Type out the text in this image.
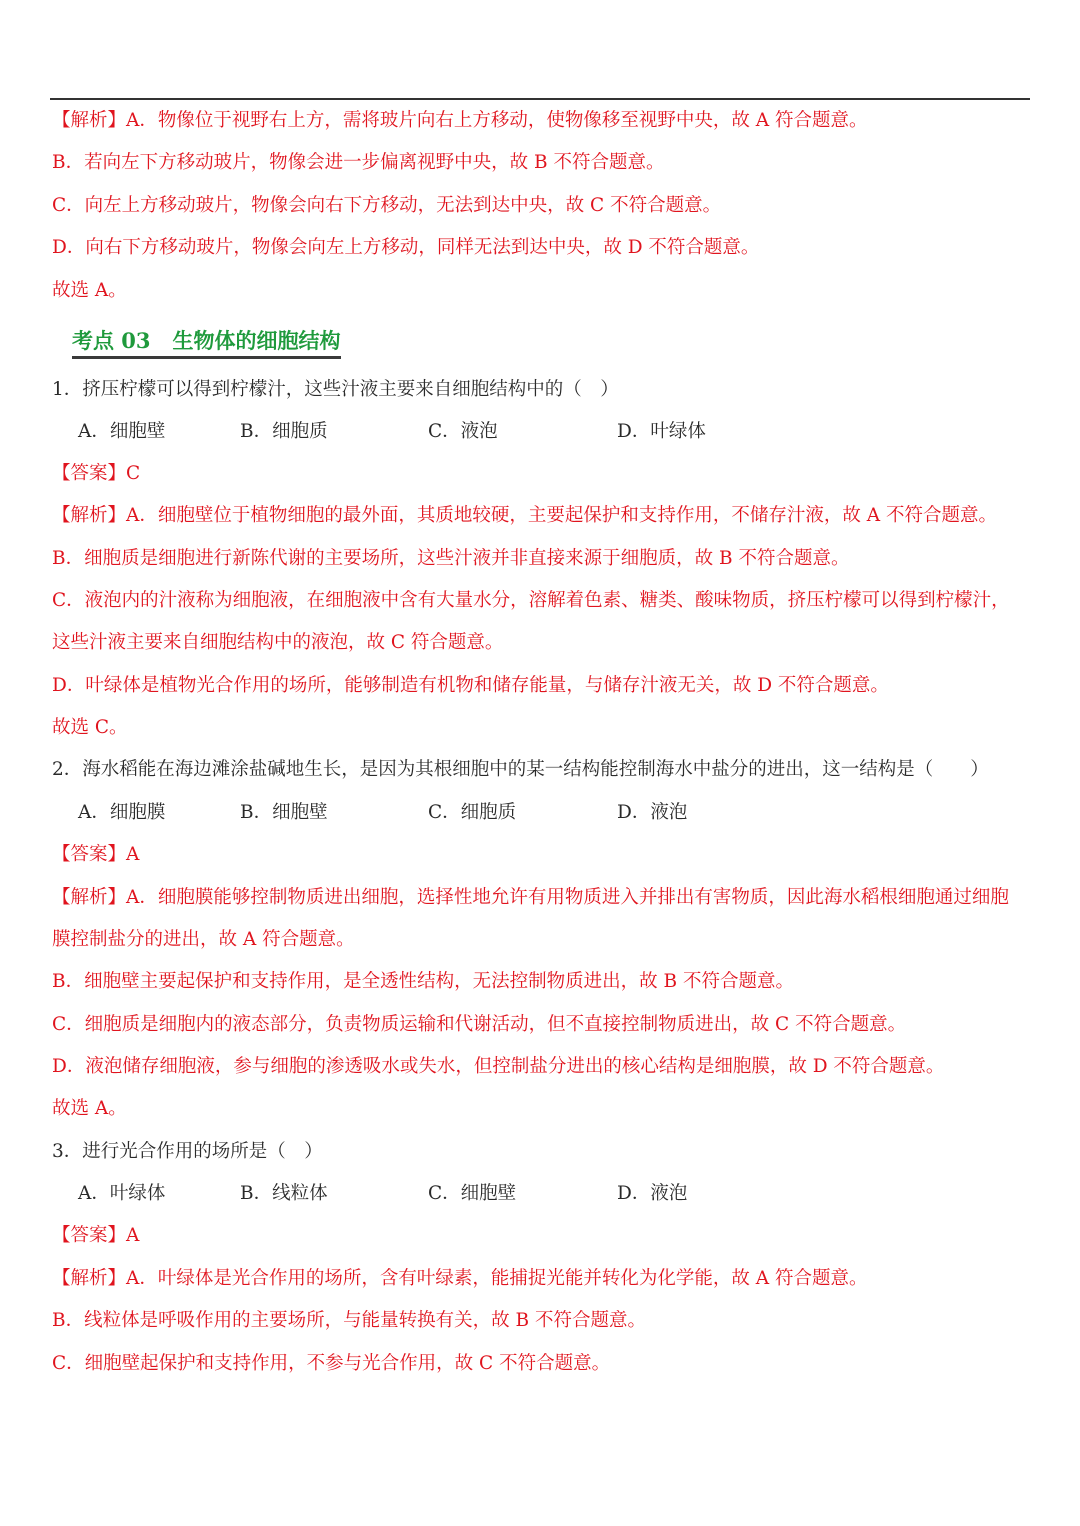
【解析】A．物像位于视野右上方，需将玻片向右上方移动，使物像移至视野中央，故 A 符合题意。
B．若向左下方移动玻片，物像会进一步偏离视野中央，故 B 不符合题意。
C．向左上方移动玻片，物像会向右下方移动，无法到达中央，故 C 不符合题意。
D．向右下方移动玻片，物像会向左上方移动，同样无法到达中央，故 D 不符合题意。
故选 A。
考点 03 生物体的细胞结构
1．挤压柠檬可以得到柠檬汁，这些汁液主要来自细胞结构中的（　）
A．细胞壁	B．细胞质	C．液泡	D．叶绿体
【答案】C
【解析】A．细胞壁位于植物细胞的最外面，其质地较硬，主要起保护和支持作用，不储存汁液，故 A 不符合题意。
B．细胞质是细胞进行新陈代谢的主要场所，这些汁液并非直接来源于细胞质，故 B 不符合题意。
C．液泡内的汁液称为细胞液，在细胞液中含有大量水分，溶解着色素、糖类、酸味物质，挤压柠檬可以得到柠檬汁，
这些汁液主要来自细胞结构中的液泡，故 C 符合题意。
D．叶绿体是植物光合作用的场所，能够制造有机物和储存能量，与储存汁液无关，故 D 不符合题意。
故选 C。
2．海水稻能在海边滩涂盐碱地生长，是因为其根细胞中的某一结构能控制海水中盐分的进出，这一结构是（　　）
A．细胞膜	B．细胞壁	C．细胞质	D．液泡
【答案】A
【解析】A．细胞膜能够控制物质进出细胞，选择性地允许有用物质进入并排出有害物质，因此海水稻根细胞通过细胞
膜控制盐分的进出，故 A 符合题意。
B．细胞壁主要起保护和支持作用，是全透性结构，无法控制物质进出，故 B 不符合题意。
C．细胞质是细胞内的液态部分，负责物质运输和代谢活动，但不直接控制物质进出，故 C 不符合题意。
D．液泡储存细胞液，参与细胞的渗透吸水或失水，但控制盐分进出的核心结构是细胞膜，故 D 不符合题意。
故选 A。
3．进行光合作用的场所是（　）
A．叶绿体	B．线粒体	C．细胞壁	D．液泡
【答案】A
【解析】A．叶绿体是光合作用的场所，含有叶绿素，能捕捉光能并转化为化学能，故 A 符合题意。
B．线粒体是呼吸作用的主要场所，与能量转换有关，故 B 不符合题意。
C．细胞壁起保护和支持作用，不参与光合作用，故 C 不符合题意。
